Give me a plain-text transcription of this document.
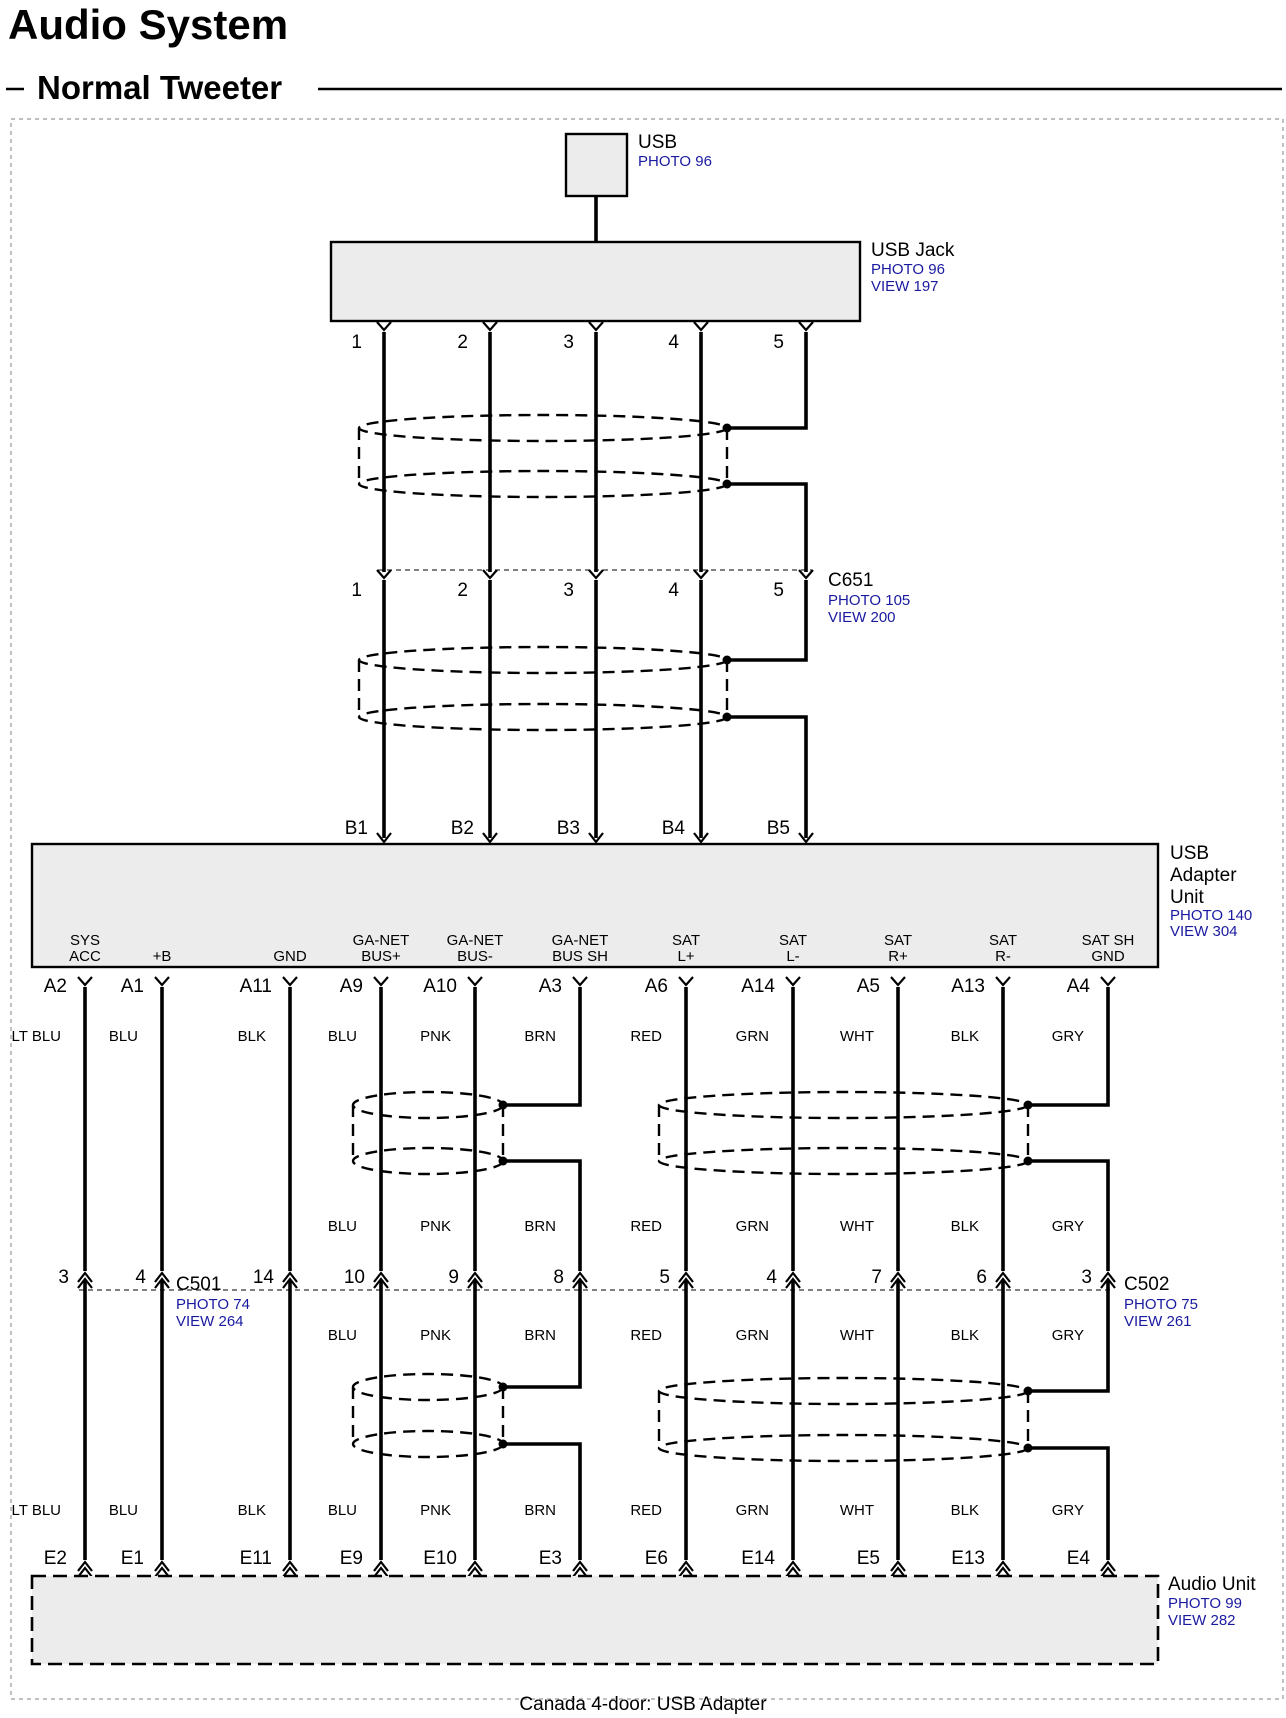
Audio System
Normal Tweeter
USB
PHOTO 96
USB Jack
PHOTO 96
VIEW 197
1
1
B1
2
2
B2
3
3
B3
4
4
B4
5
5
B5
C651
PHOTO 105
VIEW 200
USB
Adapter
Unit
PHOTO 140
VIEW 304
SYS
ACC
A2
LT BLU
3
LT BLU
E2
+B
A1
BLU
4
BLU
E1
GND
A11
BLK
14
BLK
E11
GA-NET
BUS+
A9
BLU
10
BLU
E9
GA-NET
BUS-
A10
PNK
9
PNK
E10
GA-NET
BUS SH
A3
BRN
8
BRN
E3
SAT
L+
A6
RED
5
RED
E6
SAT
L-
A14
GRN
4
GRN
E14
SAT
R+
A5
WHT
7
WHT
E5
SAT
R-
A13
BLK
6
BLK
E13
SAT SH
GND
A4
GRY
3
GRY
E4
BLU
BLU
PNK
PNK
BRN
BRN
RED
RED
GRN
GRN
WHT
WHT
BLK
BLK
GRY
GRY
C501
PHOTO 74
VIEW 264
C502
PHOTO 75
VIEW 261
Audio Unit
PHOTO 99
VIEW 282
Canada 4-door: USB Adapter
